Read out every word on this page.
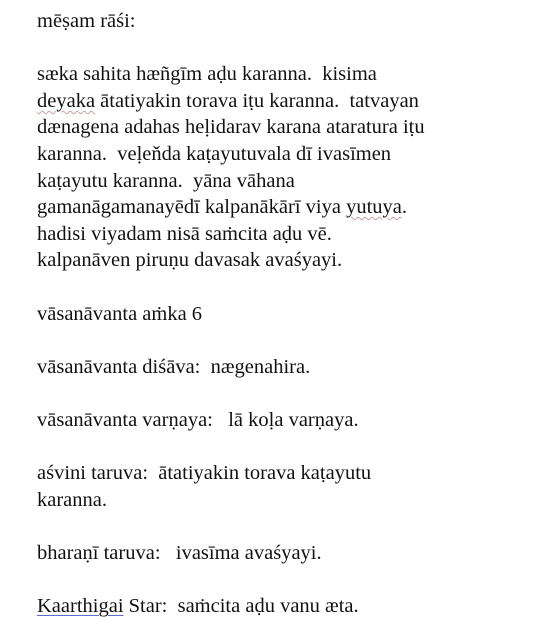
mēṣam rāśi:
sæka sahita hæñgīm aḍu karanna.  kisima
deyaka ātatiyakin torava iṭu karanna.  tatvayan
dænagena adahas heḷidarav karana ataratura iṭu
karanna.  veḷeňda kaṭayutuvala dī ivasīmen
kaṭayutu karanna.  yāna vāhana
gamanāgamanayēdī kalpanākārī viya yutuya.
hadisi viyadam nisā saṁcita aḍu vē.
kalpanāven piruṇu davasak avaśyayi.
vāsanāvanta aṁka 6
vāsanāvanta diśāva:  nægenahira.
vāsanāvanta varṇaya:   lā koḷa varṇaya.
aśvini taruva:  ātatiyakin torava kaṭayutu
karanna.
bharaṇī taruva:   ivasīma avaśyayi.
Kaarthigai Star:  saṁcita aḍu vanu æta.
